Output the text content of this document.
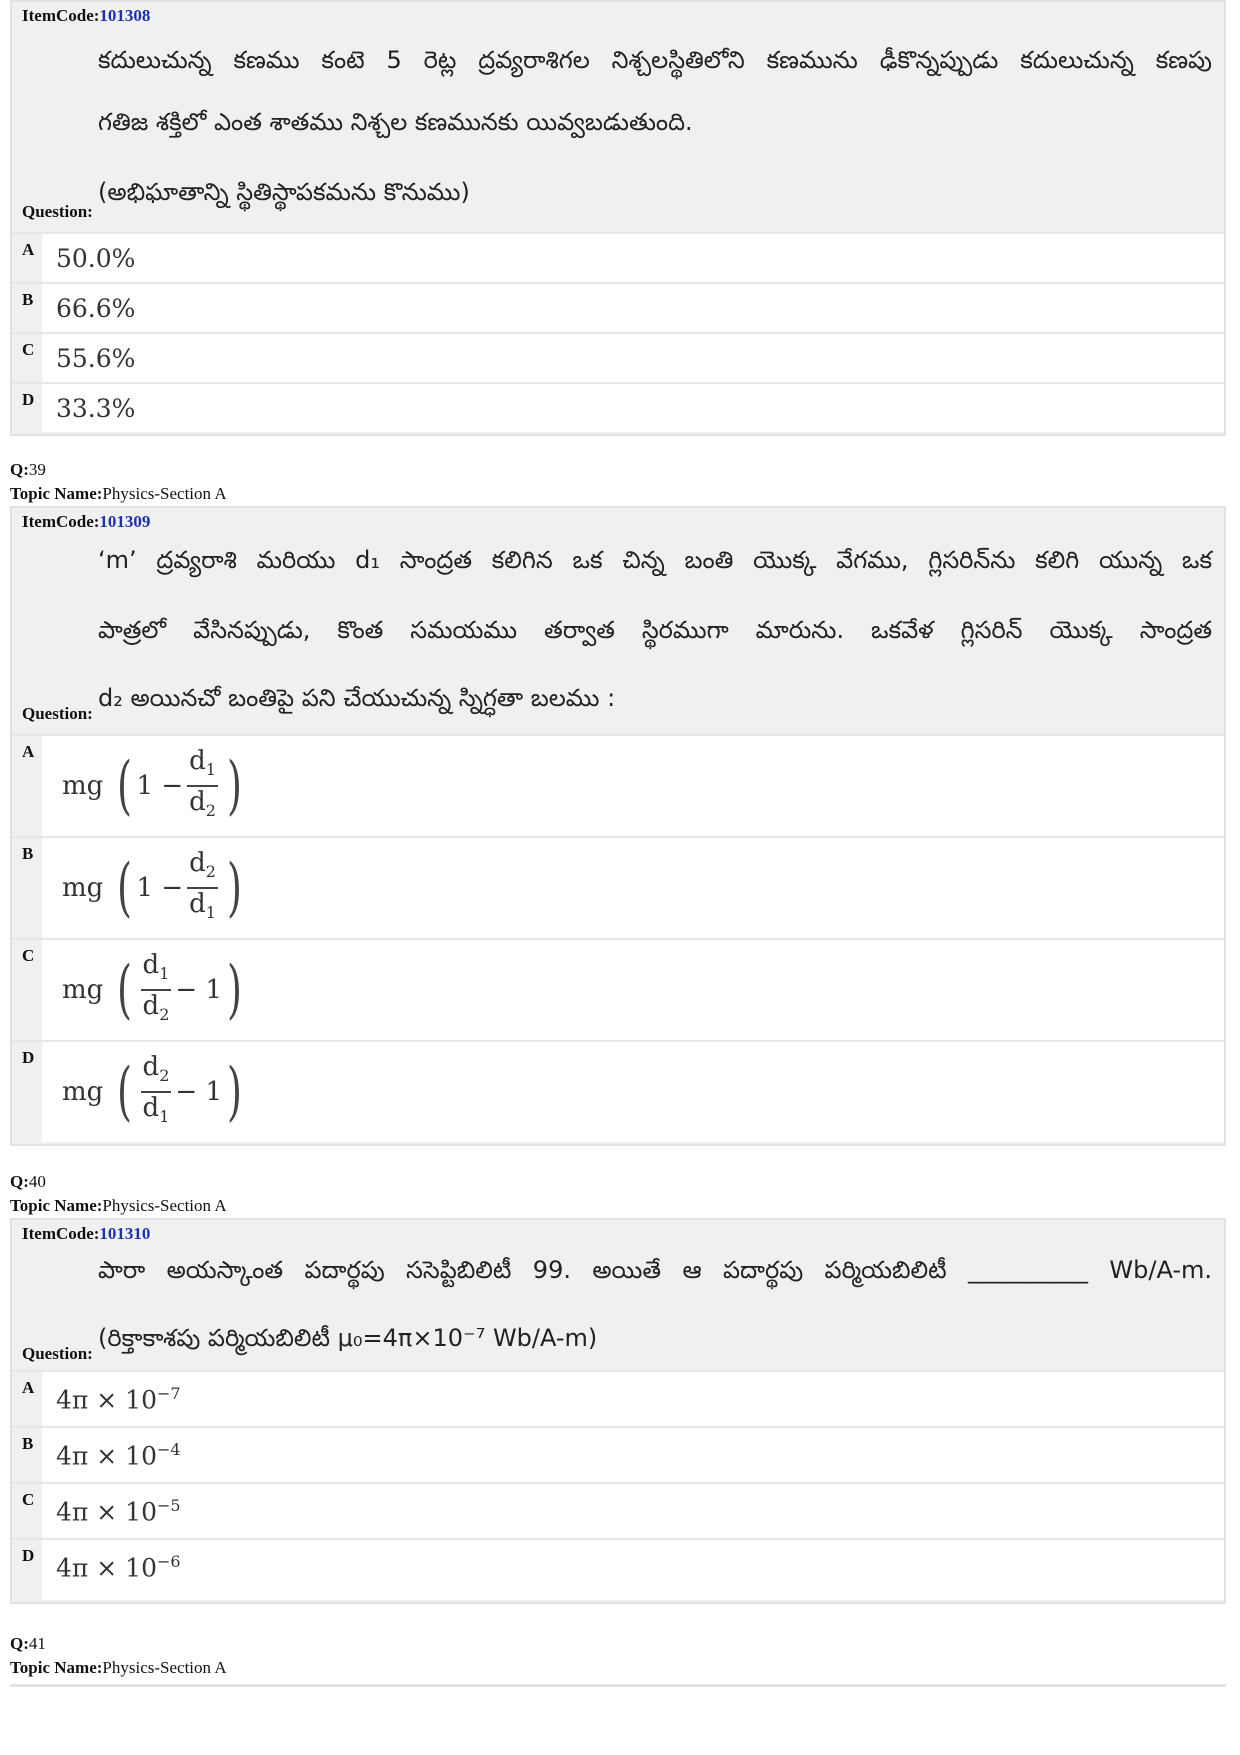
ItemCode:101308
కదులుచున్న కణము కంటె 5 రెట్ల ద్రవ్యరాశిగల నిశ్చలస్థితిలోని కణమును ఢీకొన్నప్పుడు కదులుచున్న కణపు
గతిజ శక్తిలో ఎంత శాతము నిశ్చల కణమునకు యివ్వబడుతుంది.
(అభిఘాతాన్ని స్థితిస్థాపకమను కొనుము)
Question:
A 50.0%
B 66.6%
C 55.6%
D 33.3%
Q:39
Topic Name:Physics-Section A
ItemCode:101309
‘m’ ద్రవ్యరాశి మరియు d₁ సాంద్రత కలిగిన ఒక చిన్న బంతి యొక్క వేగము, గ్లిసరిన్‌ను కలిగి యున్న ఒక
పాత్రలో వేసినప్పుడు, కొంత సమయము తర్వాత స్థిరముగా మారును. ఒకవేళ గ్లిసరిన్ యొక్క సాంద్రత
d₂ అయినచో బంతిపై పని చేయుచున్న స్నిగ్ధతా బలము :
Question:
A
mg
( $1 - \frac{d_1}{d_2}$ )
B
mg
( $1 - \frac{d_2}{d_1}$ )
C
mg
( $\frac{d_1}{d_2} - 1$ )
D
mg
( $\frac{d_2}{d_1} - 1$ )
Q:40
Topic Name:Physics-Section A
ItemCode:101310
పారా అయస్కాంత పదార్థపు ససెప్టిబిలిటీ 99. అయితే ఆ పదార్థపు పర్మియబిలిటీ __________ Wb/A-m.
(రిక్తాకాశపు పర్మియబిలిటీ μ₀=4π×10⁻⁷ Wb/A-m)
Question:
A $4\pi \times 10^{-7}$
B $4\pi \times 10^{-4}$
C $4\pi \times 10^{-5}$
D $4\pi \times 10^{-6}$
Q:41
Topic Name:Physics-Section A
